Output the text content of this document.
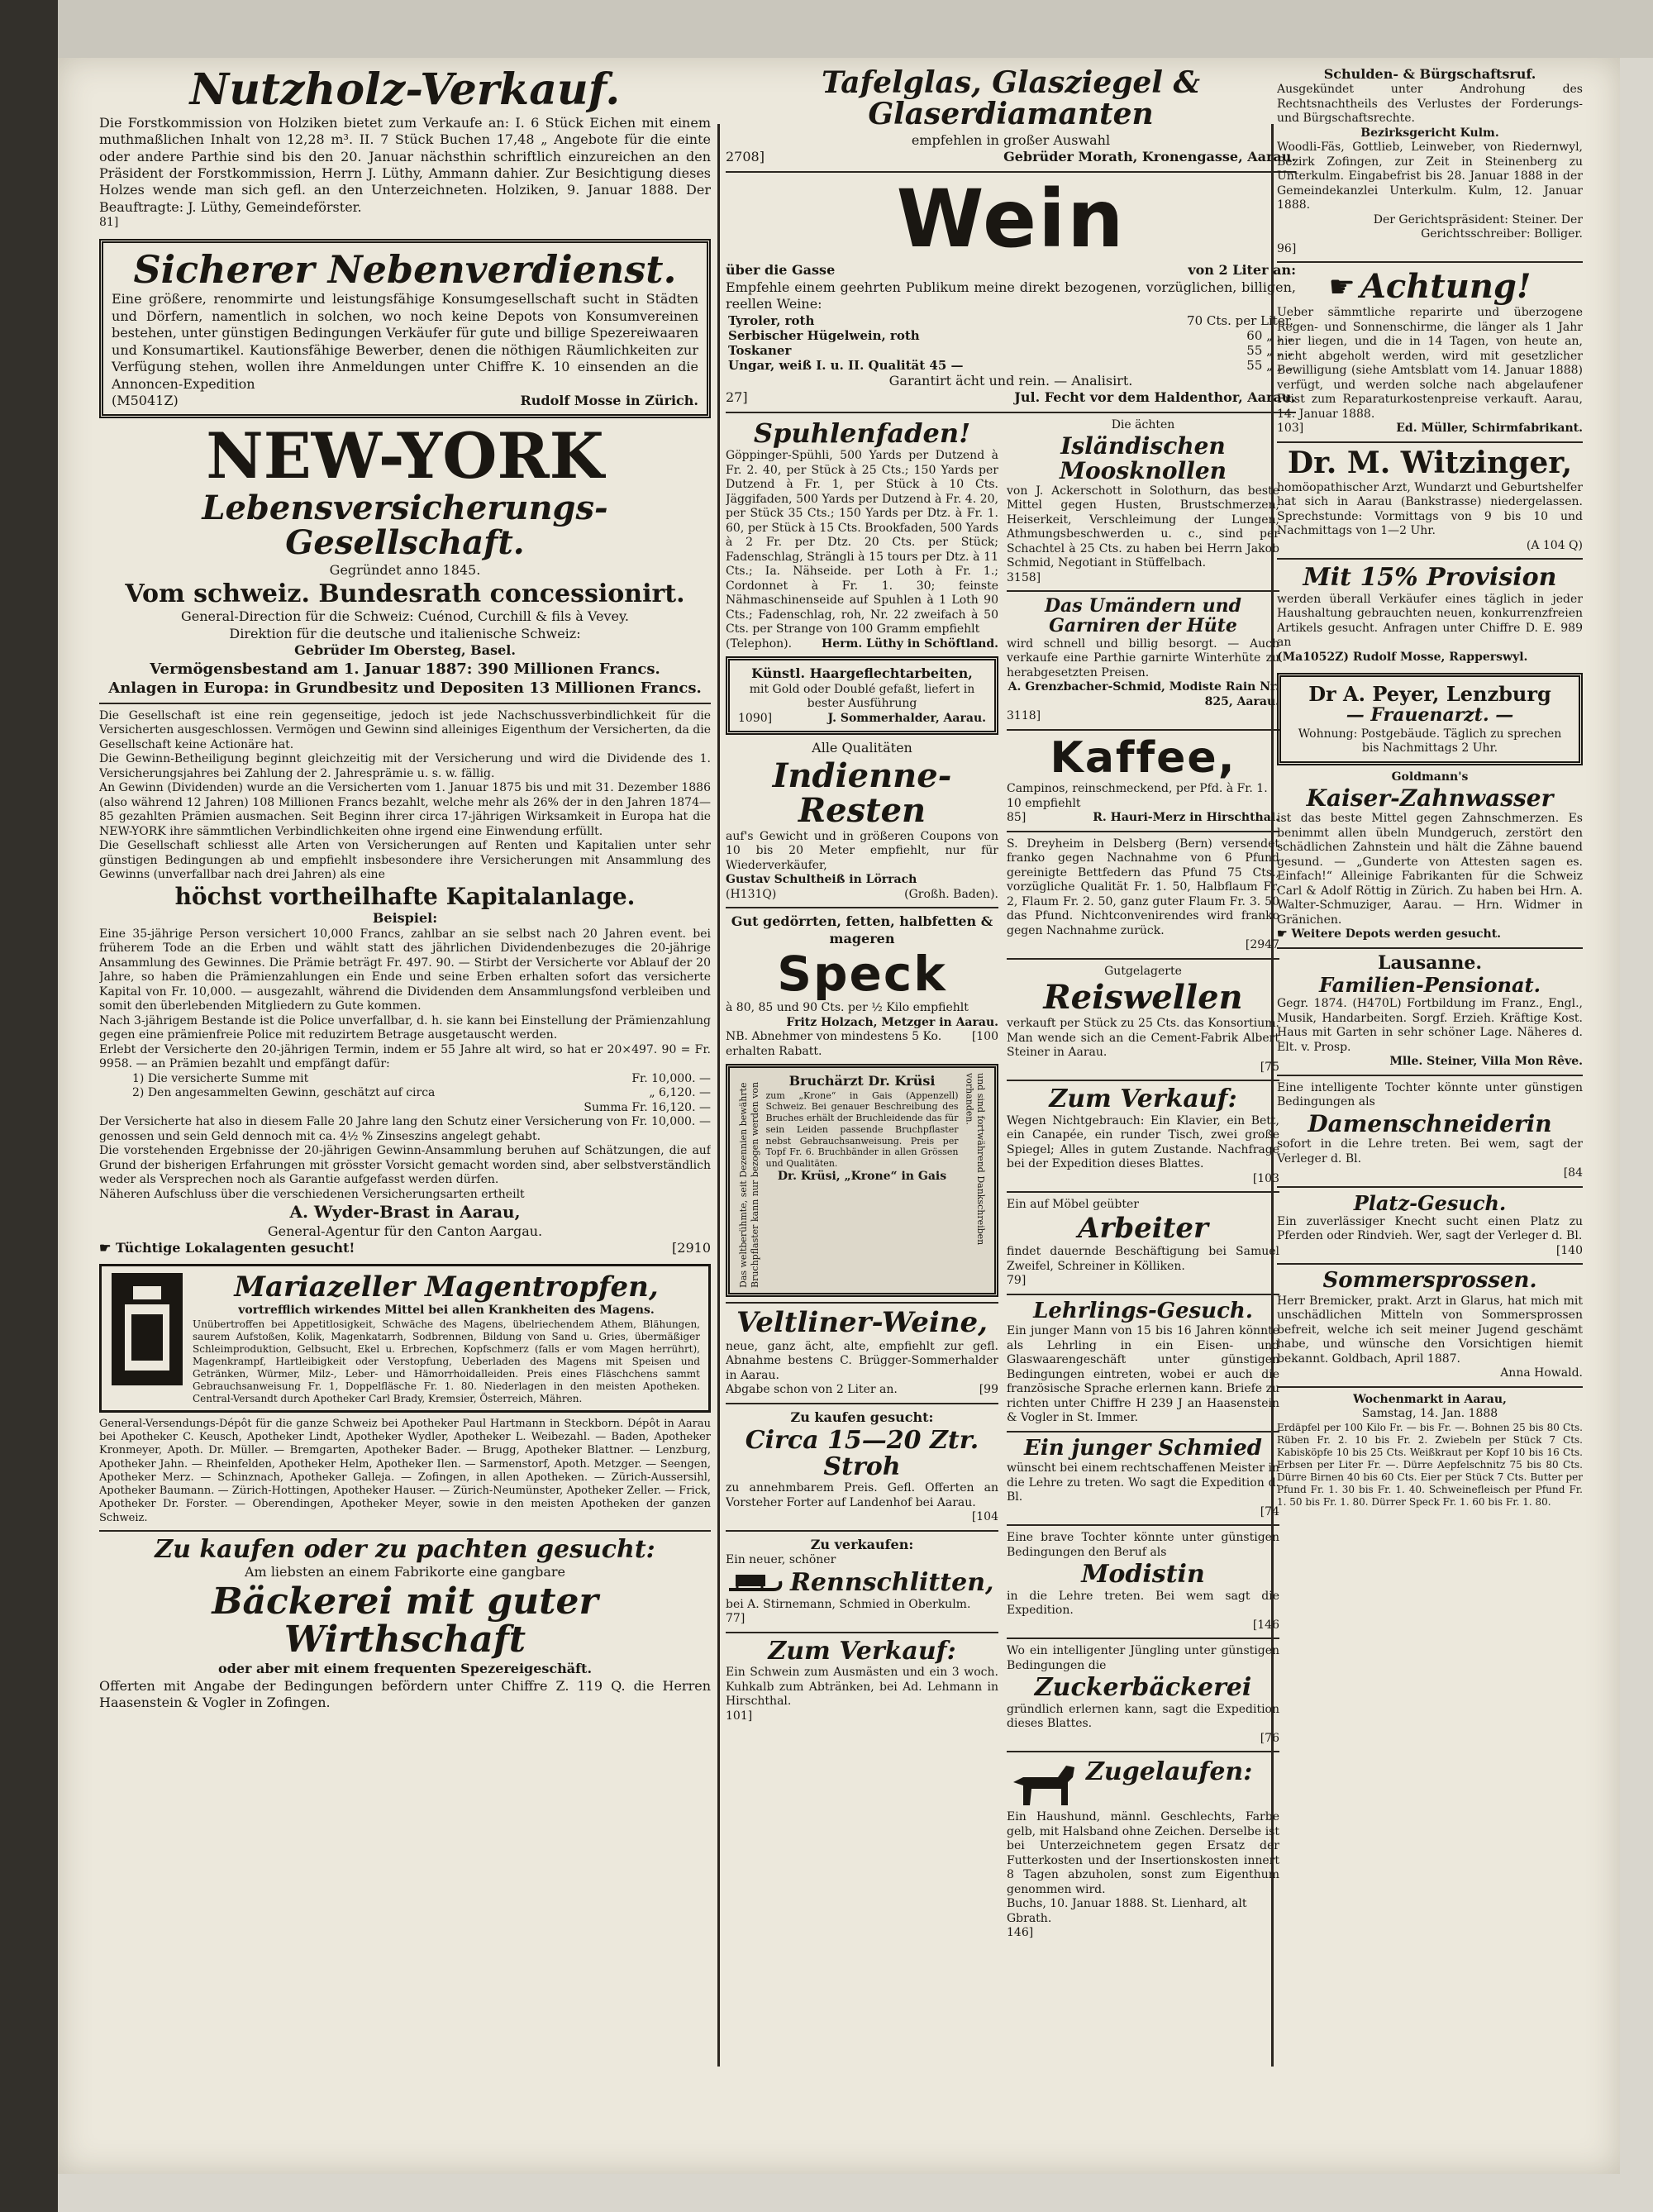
Nutzholz-Verkauf.

Die Forstkommission von Holziken bietet zum Verkaufe an: I. 6 Stück Eichen mit einem muthmaßlichen Inhalt von 12,28 m³. II. 7 Stück Buchen 17,48 „ Angebote für die einte oder andere Parthie sind bis den 20. Januar nächsthin schriftlich einzureichen an den Präsident der Forstkommission, Herrn J. Lüthy, Ammann dahier. Zur Besichtigung dieses Holzes wende man sich gefl. an den Unterzeichneten. Holziken, 9. Januar 1888. Der Beauftragte: J. Lüthy, Gemeindeförster.

81]

Sicherer Nebenverdienst.

Eine größere, renommirte und leistungsfähige Konsumgesellschaft sucht in Städten und Dörfern, namentlich in solchen, wo noch keine Depots von Konsumvereinen bestehen, unter günstigen Bedingungen Verkäufer für gute und billige Spezereiwaaren und Konsumartikel. Kautionsfähige Bewerber, denen die nöthigen Räumlichkeiten zur Verfügung stehen, wollen ihre Anmeldungen unter Chiffre K. 10 einsenden an die Annoncen-Expedition

(M5041Z)	Rudolf Mosse in Zürich.
NEW-YORK
Lebensversicherungs-Gesellschaft.

Gegründet anno 1845.

Vom schweiz. Bundesrath concessionirt.

General-Direction für die Schweiz: Cuénod, Curchill & fils à Vevey.

Direktion für die deutsche und italienische Schweiz:

Gebrüder Im Obersteg, Basel.

Vermögensbestand am 1. Januar 1887: 390 Millionen Francs.

Anlagen in Europa: in Grundbesitz und Depositen 13 Millionen Francs.

Die Gesellschaft ist eine rein gegenseitige, jedoch ist jede Nachschussverbindlichkeit für die Versicherten ausgeschlossen. Vermögen und Gewinn sind alleiniges Eigenthum der Versicherten, da die Gesellschaft keine Actionäre hat.

Die Gewinn-Betheiligung beginnt gleichzeitig mit der Versicherung und wird die Dividende des 1. Versicherungsjahres bei Zahlung der 2. Jahresprämie u. s. w. fällig.

An Gewinn (Dividenden) wurde an die Versicherten vom 1. Januar 1875 bis und mit 31. Dezember 1886 (also während 12 Jahren) 108 Millionen Francs bezahlt, welche mehr als 26% der in den Jahren 1874—85 gezahlten Prämien ausmachen. Seit Beginn ihrer circa 17-jährigen Wirksamkeit in Europa hat die NEW-YORK ihre sämmtlichen Verbindlichkeiten ohne irgend eine Einwendung erfüllt.

Die Gesellschaft schliesst alle Arten von Versicherungen auf Renten und Kapitalien unter sehr günstigen Bedingungen ab und empfiehlt insbesondere ihre Versicherungen mit Ansammlung des Gewinns (unverfallbar nach drei Jahren) als eine

höchst vortheilhafte Kapitalanlage.

Beispiel:

Eine 35-jährige Person versichert 10,000 Francs, zahlbar an sie selbst nach 20 Jahren event. bei früherem Tode an die Erben und wählt statt des jährlichen Dividendenbezuges die 20-jährige Ansammlung des Gewinnes. Die Prämie beträgt Fr. 497. 90. — Stirbt der Versicherte vor Ablauf der 20 Jahre, so haben die Prämienzahlungen ein Ende und seine Erben erhalten sofort das versicherte Kapital von Fr. 10,000. — ausgezahlt, während die Dividenden dem Ansammlungsfond verbleiben und somit den überlebenden Mitgliedern zu Gute kommen.

Nach 3-jährigem Bestande ist die Police unverfallbar, d. h. sie kann bei Einstellung der Prämienzahlung gegen eine prämienfreie Police mit reduzirtem Betrage ausgetauscht werden.

Erlebt der Versicherte den 20-jährigen Termin, indem er 55 Jahre alt wird, so hat er 20×497. 90 = Fr. 9958. — an Prämien bezahlt und empfängt dafür:

1) Die versicherte Summe mit	Fr. 10,000. —
2) Den angesammelten Gewinn, geschätzt auf circa	„ 6,120. —

Summa Fr. 16,120. —

Der Versicherte hat also in diesem Falle 20 Jahre lang den Schutz einer Versicherung von Fr. 10,000. — genossen und sein Geld dennoch mit ca. 4½ % Zinseszins angelegt gehabt.

Die vorstehenden Ergebnisse der 20-jährigen Gewinn-Ansammlung beruhen auf Schätzungen, die auf Grund der bisherigen Erfahrungen mit grösster Vorsicht gemacht worden sind, aber selbstverständlich weder als Versprechen noch als Garantie aufgefasst werden dürfen.

Näheren Aufschluss über die verschiedenen Versicherungsarten ertheilt

A. Wyder-Brast in Aarau,

General-Agentur für den Canton Aargau.

☛ Tüchtige Lokalagenten gesucht!	[2910
Mariazeller Magentropfen,

vortrefflich wirkendes Mittel bei allen Krankheiten des Magens.

Unübertroffen bei Appetitlosigkeit, Schwäche des Magens, übelriechendem Athem, Blähungen, saurem Aufstoßen, Kolik, Magenkatarrh, Sodbrennen, Bildung von Sand u. Gries, übermäßiger Schleimproduktion, Gelbsucht, Ekel u. Erbrechen, Kopfschmerz (falls er vom Magen herrührt), Magenkrampf, Hartleibigkeit oder Verstopfung, Ueberladen des Magens mit Speisen und Getränken, Würmer, Milz-, Leber- und Hämorrhoidalleiden. Preis eines Fläschchens sammt Gebrauchsanweisung Fr. 1, Doppelfläsche Fr. 1. 80. Niederlagen in den meisten Apotheken. Central-Versandt durch Apotheker Carl Brady, Kremsier, Österreich, Mähren.

General-Versendungs-Dépôt für die ganze Schweiz bei Apotheker Paul Hartmann in Steckborn. Dépôt in Aarau bei Apotheker C. Keusch, Apotheker Lindt, Apotheker Wydler, Apotheker L. Weibezahl. — Baden, Apotheker Kronmeyer, Apoth. Dr. Müller. — Bremgarten, Apotheker Bader. — Brugg, Apotheker Blattner. — Lenzburg, Apotheker Jahn. — Rheinfelden, Apotheker Helm, Apotheker Ilen. — Sarmenstorf, Apoth. Metzger. — Seengen, Apotheker Merz. — Schinznach, Apotheker Galleja. — Zofingen, in allen Apotheken. — Zürich-Aussersihl, Apotheker Baumann. — Zürich-Hottingen, Apotheker Hauser. — Zürich-Neumünster, Apotheker Zeller. — Frick, Apotheker Dr. Forster. — Oberendingen, Apotheker Meyer, sowie in den meisten Apotheken der ganzen Schweiz.

Zu kaufen oder zu pachten gesucht:

Am liebsten an einem Fabrikorte eine gangbare

Bäckerei mit guter Wirthschaft

oder aber mit einem frequenten Spezereigeschäft.

Offerten mit Angabe der Bedingungen befördern unter Chiffre Z. 119 Q. die Herren Haasenstein & Vogler in Zofingen.

Tafelglas, Glasziegel & Glaserdiamanten

empfehlen in großer Auswahl

2708]	Gebrüder Morath, Kronengasse, Aarau.
Wein
über die Gasse	von 2 Liter an:

Empfehle einem geehrten Publikum meine direkt bezogenen, vorzüglichen, billigen, reellen Weine:

Tyroler, roth	70 Cts. per Liter.
Serbischer Hügelwein, roth	60 „ „ „
Toskaner	55 „ „ „
Ungar, weiß I. u. II. Qualität 45 —	55 „ „ „

Garantirt ächt und rein. — Analisirt.

27]	Jul. Fecht vor dem Haldenthor, Aarau.
Spuhlenfaden!

Göppinger-Spühli, 500 Yards per Dutzend à Fr. 2. 40, per Stück à 25 Cts.; 150 Yards per Dutzend à Fr. 1, per Stück à 10 Cts. Jäggifaden, 500 Yards per Dutzend à Fr. 4. 20, per Stück 35 Cts.; 150 Yards per Dtz. à Fr. 1. 60, per Stück à 15 Cts. Brookfaden, 500 Yards à 2 Fr. per Dtz. 20 Cts. per Stück; Fadenschlag, Strängli à 15 tours per Dtz. à 11 Cts.; Ia. Nähseide. per Loth à Fr. 1.; Cordonnet à Fr. 1. 30; feinste Nähmaschinenseide auf Spuhlen à 1 Loth 90 Cts.; Fadenschlag, roh, Nr. 22 zweifach à 50 Cts. per Strange von 100 Gramm empfiehlt

(Telephon).	Herm. Lüthy in Schöftland.

Künstl. Haargeflechtarbeiten,

mit Gold oder Doublé gefaßt, liefert in bester Ausführung

1090]	J. Sommerhalder, Aarau.

Alle Qualitäten

Indienne-Resten

auf's Gewicht und in größeren Coupons von 10 bis 20 Meter empfiehlt, nur für Wiederverkäufer,

Gustav Schultheiß in Lörrach

(H131Q)	(Großh. Baden).

Gut gedörrten, fetten, halbfetten & mageren

Speck

à 80, 85 und 90 Cts. per ½ Kilo empfiehlt

Fritz Holzach, Metzger in Aarau.

NB. Abnehmer von mindestens 5 Ko. erhalten Rabatt.
[100

Das weltberühmte, seit Dezennien bewährte Bruchpflaster kann nur bezogen werden von

Bruchärzt Dr. Krüsi

zum „Krone“ in Gais (Appenzell) Schweiz. Bei genauer Beschreibung des Bruches erhält der Bruchleidende das für sein Leiden passende Bruchpflaster nebst Gebrauchsanweisung. Preis per Topf Fr. 6. Bruchbänder in allen Grössen und Qualitäten.

Dr. Krüsi, „Krone“ in Gais	und sind fortwährend Dankschreiben vorhanden.

Veltliner-Weine,

neue, ganz ächt, alte, empfiehlt zur gefl. Abnahme bestens C. Brügger-Sommerhalder in Aarau.

Abgabe schon von 2 Liter an.	[99

Zu kaufen gesucht:

Circa 15—20 Ztr. Stroh

zu annehmbarem Preis. Gefl. Offerten an Vorsteher Forter auf Landenhof bei Aarau.

[104

Zu verkaufen:

Ein neuer, schöner

Rennschlitten,

bei A. Stirnemann, Schmied in Oberkulm.

77]

Zum Verkauf:

Ein Schwein zum Ausmästen und ein 3 woch. Kuhkalb zum Abtränken, bei Ad. Lehmann in Hirschthal.

101]

Die ächten

Isländischen Moosknollen

von J. Ackerschott in Solothurn, das beste Mittel gegen Husten, Brustschmerzen, Heiserkeit, Verschleimung der Lungen, Athmungsbeschwerden u. c., sind per Schachtel à 25 Cts. zu haben bei Herrn Jakob Schmid, Negotiant in Stüffelbach.

3158]

Das Umändern und Garniren der Hüte

wird schnell und billig besorgt. — Auch verkaufe eine Parthie garnirte Winterhüte zu herabgesetzten Preisen.

A. Grenzbacher-Schmid, Modiste Rain Nr. 825, Aarau.

3118]

Kaffee,

Campinos, reinschmeckend, per Pfd. à Fr. 1. 10 empfiehlt

85]	R. Hauri-Merz in Hirschthal.

S. Dreyheim in Delsberg (Bern) versendet franko gegen Nachnahme von 6 Pfund gereinigte Bettfedern das Pfund 75 Cts., vorzügliche Qualität Fr. 1. 50, Halbflaum Fr. 2, Flaum Fr. 2. 50, ganz guter Flaum Fr. 3. 50 das Pfund. Nichtconvenirendes wird franko gegen Nachnahme zurück.

[2947

Gutgelagerte

Reiswellen

verkauft per Stück zu 25 Cts. das Konsortium. Man wende sich an die Cement-Fabrik Albert Steiner in Aarau.

[75

Zum Verkauf:

Wegen Nichtgebrauch: Ein Klavier, ein Bett, ein Canapée, ein runder Tisch, zwei große Spiegel; Alles in gutem Zustande. Nachfrage bei der Expedition dieses Blattes.

[103

Ein auf Möbel geübter

Arbeiter

findet dauernde Beschäftigung bei Samuel Zweifel, Schreiner in Kölliken.

79]

Lehrlings-Gesuch.

Ein junger Mann von 15 bis 16 Jahren könnte als Lehrling in ein Eisen- und Glaswaarengeschäft unter günstigen Bedingungen eintreten, wobei er auch die französische Sprache erlernen kann. Briefe zu richten unter Chiffre H 239 J an Haasenstein & Vogler in St. Immer.

Ein junger Schmied

wünscht bei einem rechtschaffenen Meister in die Lehre zu treten. Wo sagt die Expedition d. Bl.

[74

Eine brave Tochter könnte unter günstigen Bedingungen den Beruf als

Modistin

in die Lehre treten. Bei wem sagt die Expedition.

[146

Wo ein intelligenter Jüngling unter günstigen Bedingungen die

Zuckerbäckerei

gründlich erlernen kann, sagt die Expedition dieses Blattes.

[76

Zugelaufen:

Ein Haushund, männl. Geschlechts, Farbe gelb, mit Halsband ohne Zeichen. Derselbe ist bei Unterzeichnetem gegen Ersatz der Futterkosten und der Insertionskosten innert 8 Tagen abzuholen, sonst zum Eigenthum genommen wird.

Buchs, 10. Januar 1888. St. Lienhard, alt Gbrath.

146]

Schulden- & Bürgschaftsruf.

Ausgekündet unter Androhung des Rechtsnachtheils des Verlustes der Forderungs- und Bürgschaftsrechte.

Bezirksgericht Kulm.

Woodli-Fäs, Gottlieb, Leinweber, von Riedernwyl, Bezirk Zofingen, zur Zeit in Steinenberg zu Unterkulm. Eingabefrist bis 28. Januar 1888 in der Gemeindekanzlei Unterkulm. Kulm, 12. Januar 1888.

Der Gerichtspräsident: Steiner. Der Gerichtsschreiber: Bolliger.

96]

☛ Achtung!

Ueber sämmtliche reparirte und überzogene Regen- und Sonnenschirme, die länger als 1 Jahr hier liegen, und die in 14 Tagen, von heute an, nicht abgeholt werden, wird mit gesetzlicher Bewilligung (siehe Amtsblatt vom 14. Januar 1888) verfügt, und werden solche nach abgelaufener Frist zum Reparaturkostenpreise verkauft. Aarau, 14. Januar 1888.

103]	Ed. Müller, Schirmfabrikant.
Dr. M. Witzinger,

homöopathischer Arzt, Wundarzt und Geburtshelfer hat sich in Aarau (Bankstrasse) niedergelassen. Sprechstunde: Vormittags von 9 bis 10 und Nachmittags von 1—2 Uhr.

(A 104 Q)

Mit 15% Provision

werden überall Verkäufer eines täglich in jeder Haushaltung gebrauchten neuen, konkurrenzfreien Artikels gesucht. Anfragen unter Chiffre D. E. 989 an

(Ma1052Z) Rudolf Mosse, Rapperswyl.

Dr A. Peyer, Lenzburg
— Frauenarzt. —

Wohnung: Postgebäude. Täglich zu sprechen bis Nachmittags 2 Uhr.

Goldmann's

Kaiser-Zahnwasser

ist das beste Mittel gegen Zahnschmerzen. Es benimmt allen übeln Mundgeruch, zerstört den schädlichen Zahnstein und hält die Zähne bauend gesund. — „Gunderte von Attesten sagen es. Einfach!“ Alleinige Fabrikanten für die Schweiz Carl & Adolf Röttig in Zürich. Zu haben bei Hrn. A. Walter-Schmuziger, Aarau. — Hrn. Widmer in Gränichen.

☛ Weitere Depots werden gesucht.

Lausanne.
Familien-Pensionat.

Gegr. 1874. (H470L) Fortbildung im Franz., Engl., Musik, Handarbeiten. Sorgf. Erzieh. Kräftige Kost. Haus mit Garten in sehr schöner Lage. Näheres d. Elt. v. Prosp.

Mlle. Steiner, Villa Mon Rêve.

Eine intelligente Tochter könnte unter günstigen Bedingungen als

Damenschneiderin

sofort in die Lehre treten. Bei wem, sagt der Verleger d. Bl.

[84

Platz-Gesuch.

Ein zuverlässiger Knecht sucht einen Platz zu Pferden oder Rindvieh. Wer, sagt der Verleger d. Bl.

[140

Sommersprossen.

Herr Bremicker, prakt. Arzt in Glarus, hat mich mit unschädlichen Mitteln von Sommersprossen befreit, welche ich seit meiner Jugend geschämt habe, und wünsche den Vorsichtigen hiemit bekannt. Goldbach, April 1887.

Anna Howald.

Wochenmarkt in Aarau,

Samstag, 14. Jan. 1888

Erdäpfel per 100 Kilo Fr. — bis Fr. —. Bohnen 25 bis 80 Cts. Rüben Fr. 2. 10 bis Fr. 2. Zwiebeln per Stück 7 Cts. Kabisköpfe 10 bis 25 Cts. Weißkraut per Kopf 10 bis 16 Cts. Erbsen per Liter Fr. —. Dürre Aepfelschnitz 75 bis 80 Cts. Dürre Birnen 40 bis 60 Cts. Eier per Stück 7 Cts. Butter per Pfund Fr. 1. 30 bis Fr. 1. 40. Schweinefleisch per Pfund Fr. 1. 50 bis Fr. 1. 80. Dürrer Speck Fr. 1. 60 bis Fr. 1. 80.
